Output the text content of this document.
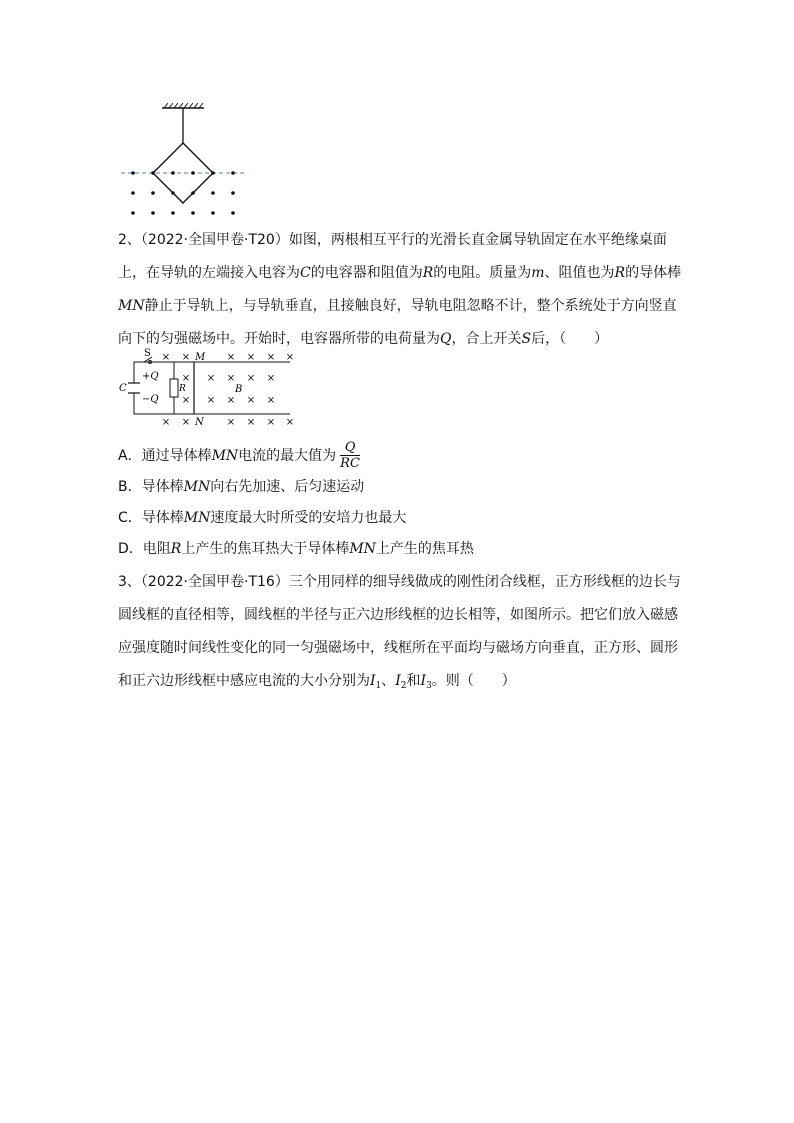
2、（2022·全国甲卷·T20）如图，两根相互平行的光滑长直金属导轨固定在水平绝缘桌面上，在导轨的左端接入电容为C的电容器和阻值为R的电阻。质量为m、阻值也为R的导体棒MN静止于导轨上，与导轨垂直，且接触良好，导轨电阻忽略不计，整个系统处于方向竖直向下的匀强磁场中。开始时，电容器所带的电荷量为Q，合上开关S后，（　　）
S
C
+Q
−Q
R
M
N
B
× ×	× × × ×
× × × × ×
× × × × ×
× ×	× × × ×
A．通过导体棒 MN 电流的最大值为 $\frac{Q}{RC}$
B．导体棒MN向右先加速、后匀速运动
C．导体棒MN速度最大时所受的安培力也最大
D．电阻R上产生的焦耳热大于导体棒MN上产生的焦耳热
3、（2022·全国甲卷·T16）三个用同样的细导线做成的刚性闭合线框，正方形线框的边长与圆线框的直径相等，圆线框的半径与正六边形线框的边长相等，如图所示。把它们放入磁感应强度随时间线性变化的同一匀强磁场中，线框所在平面均与磁场方向垂直，正方形、圆形和正六边形线框中感应电流的大小分别为$I_1$、$I_2$和$I_3$。则（　　）
